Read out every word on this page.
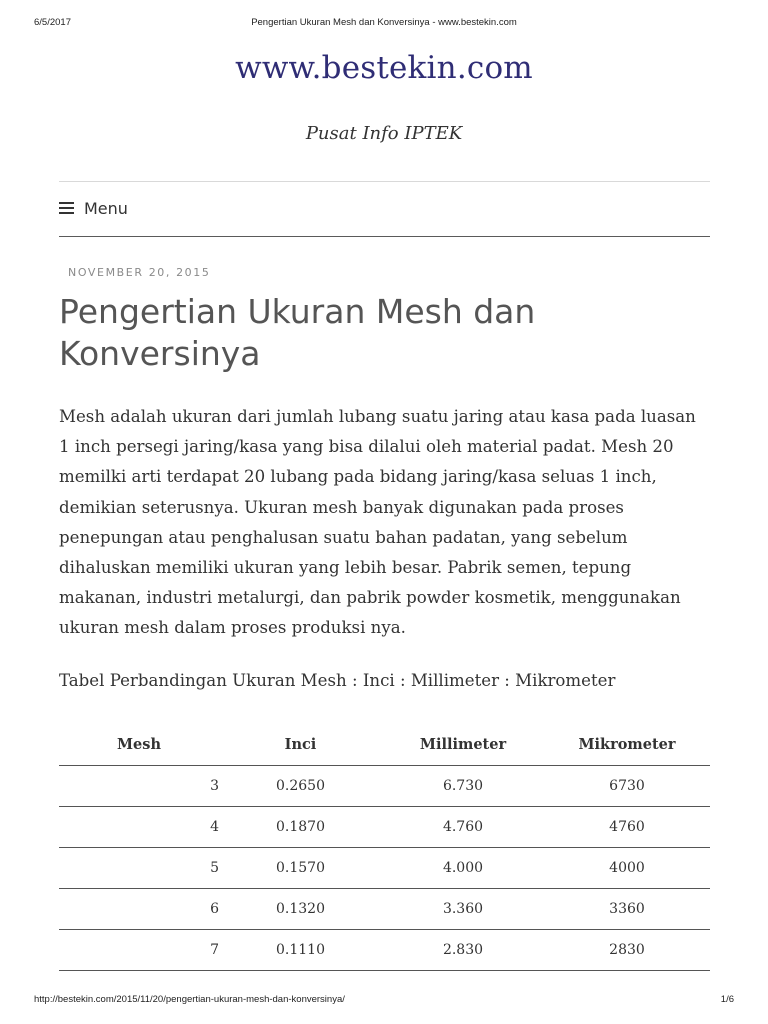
6/5/2017	Pengertian Ukuran Mesh dan Konversinya - www.bestekin.com
www.bestekin.com
Pusat Info IPTEK
Menu
NOVEMBER 20, 2015
Pengertian Ukuran Mesh dan Konversinya

Mesh adalah ukuran dari jumlah lubang suatu jaring atau kasa pada luasan 1 inch persegi jaring/kasa yang bisa dilalui oleh material padat. Mesh 20 memilki arti terdapat 20 lubang pada bidang jaring/kasa seluas 1 inch, demikian seterusnya. Ukuran mesh banyak digunakan pada proses penepungan atau penghalusan suatu bahan padatan, yang sebelum dihaluskan memiliki ukuran yang lebih besar. Pabrik semen, tepung makanan, industri metalurgi, dan pabrik powder kosmetik, menggunakan ukuran mesh dalam proses produksi nya.

Tabel Perbandingan Ukuran Mesh : Inci : Millimeter : Mikrometer

Mesh	Inci	Millimeter	Mikrometer
3	0.2650	6.730	6730
4	0.1870	4.760	4760
5	0.1570	4.000	4000
6	0.1320	3.360	3360
7	0.1110	2.830	2830
http://bestekin.com/2015/11/20/pengertian-ukuran-mesh-dan-konversinya/	1/6
